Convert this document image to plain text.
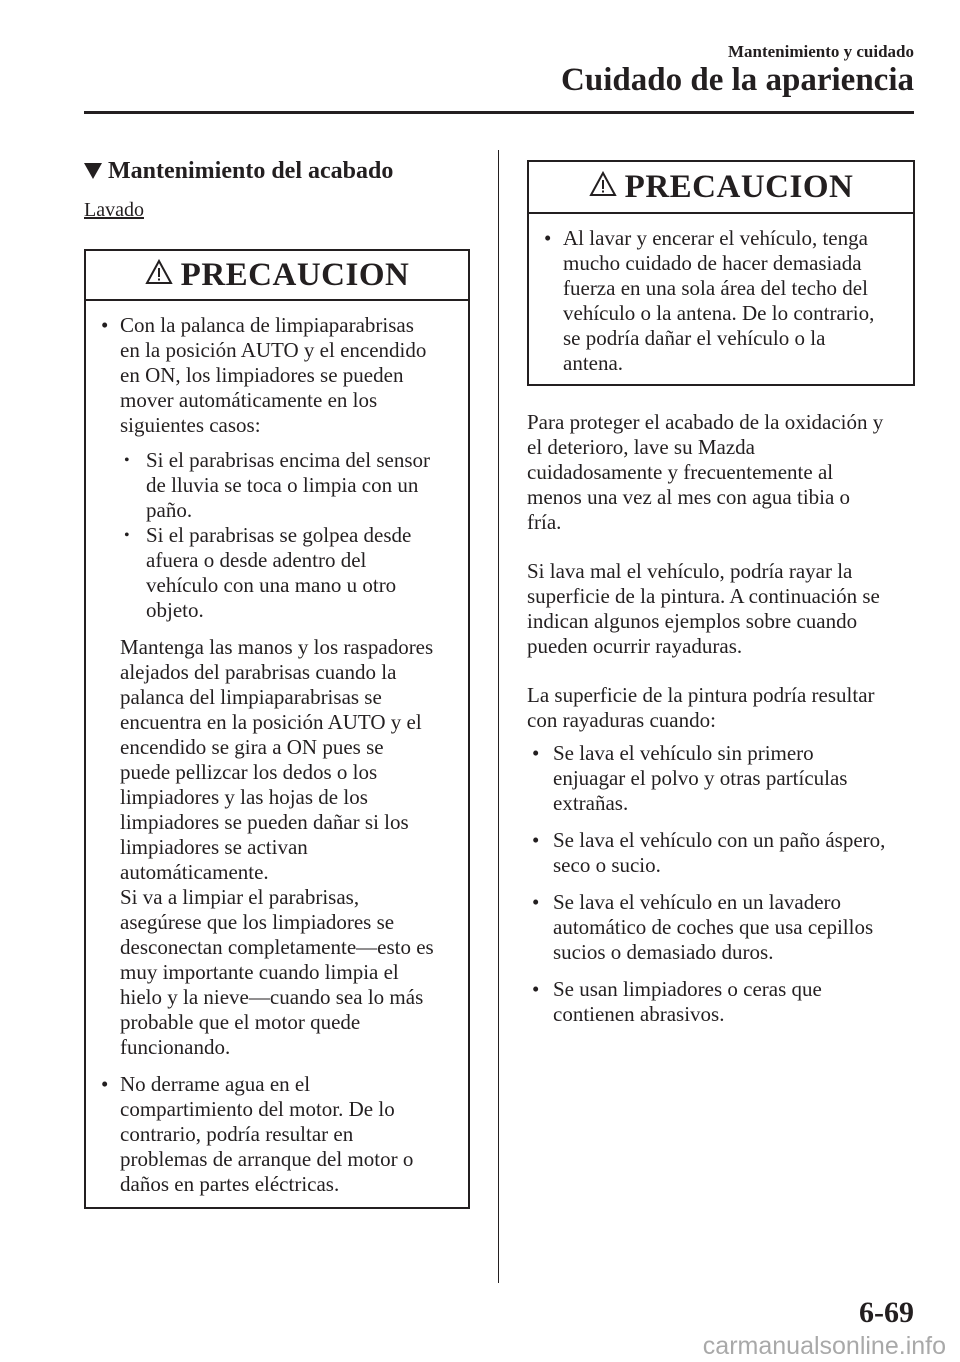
Mantenimiento y cuidado
Cuidado de la apariencia
Mantenimiento del acabado
Lavado
PRECAUCION
• Con la palanca de limpiaparabrisas
en la posición AUTO y el encendido
en ON, los limpiadores se pueden
mover automáticamente en los
siguientes casos:

• Si el parabrisas encima del sensor
de lluvia se toca o limpia con un
paño.
• Si el parabrisas se golpea desde
afuera o desde adentro del
vehículo con una mano u otro
objeto.

Mantenga las manos y los raspadores
alejados del parabrisas cuando la
palanca del limpiaparabrisas se
encuentra en la posición AUTO y el
encendido se gira a ON pues se
puede pellizcar los dedos o los
limpiadores y las hojas de los
limpiadores se pueden dañar si los
limpiadores se activan
automáticamente.
Si va a limpiar el parabrisas,
asegúrese que los limpiadores se
desconectan completamente―esto es
muy importante cuando limpia el
hielo y la nieve―cuando sea lo más
probable que el motor quede
funcionando.

• No derrame agua en el
compartimiento del motor. De lo
contrario, podría resultar en
problemas de arranque del motor o
daños en partes eléctricas.

PRECAUCION
• Al lavar y encerar el vehículo, tenga
mucho cuidado de hacer demasiada
fuerza en una sola área del techo del
vehículo o la antena. De lo contrario,
se podría dañar el vehículo o la
antena.

Para proteger el acabado de la oxidación y
el deterioro, lave su Mazda
cuidadosamente y frecuentemente al
menos una vez al mes con agua tibia o
fría.

Si lava mal el vehículo, podría rayar la
superficie de la pintura. A continuación se
indican algunos ejemplos sobre cuando
pueden ocurrir rayaduras.

La superficie de la pintura podría resultar
con rayaduras cuando:

• Se lava el vehículo sin primero
enjuagar el polvo y otras partículas
extrañas.
• Se lava el vehículo con un paño áspero,
seco o sucio.
• Se lava el vehículo en un lavadero
automático de coches que usa cepillos
sucios o demasiado duros.
• Se usan limpiadores o ceras que
contienen abrasivos.
6-69
carmanualsonline.info
